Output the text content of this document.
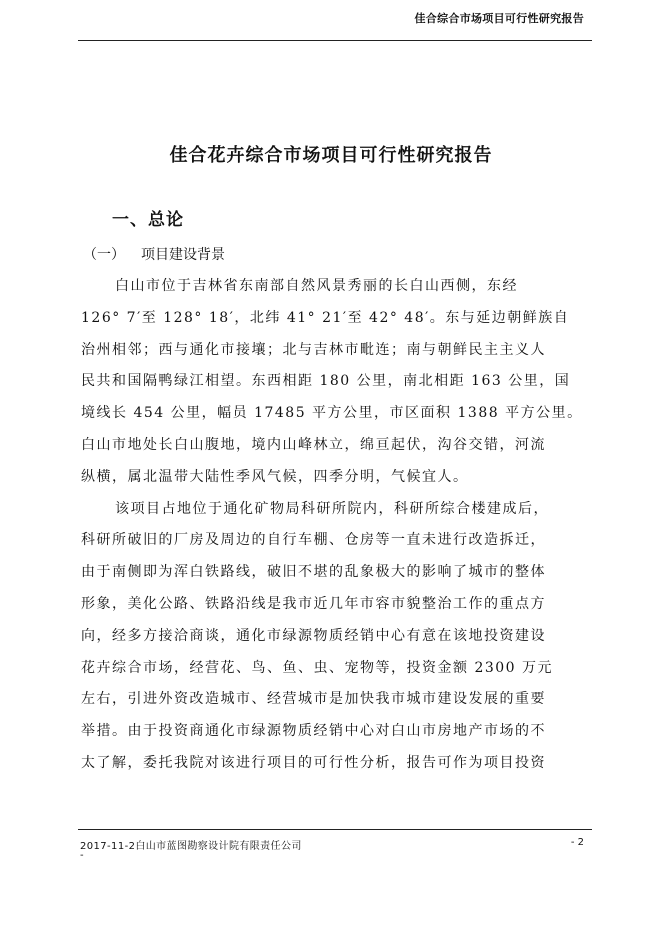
佳合综合市场项目可行性研究报告
佳合花卉综合市场项目可行性研究报告
一、总论
（一） 项目建设背景
白山市位于吉林省东南部自然风景秀丽的长白山西侧，东经
126° 7′至 128° 18′，北纬 41° 21′至 42° 48′。东与延边朝鲜族自
治州相邻；西与通化市接壤；北与吉林市毗连；南与朝鲜民主主义人
民共和国隔鸭绿江相望。东西相距 180 公里，南北相距 163 公里，国
境线长 454 公里，幅员 17485 平方公里，市区面积 1388 平方公里。
白山市地处长白山腹地，境内山峰林立，绵亘起伏，沟谷交错，河流
纵横，属北温带大陆性季风气候，四季分明，气候宜人。
该项目占地位于通化矿物局科研所院内，科研所综合楼建成后，
科研所破旧的厂房及周边的自行车棚、仓房等一直未进行改造拆迁，
由于南侧即为浑白铁路线，破旧不堪的乱象极大的影响了城市的整体
形象，美化公路、铁路沿线是我市近几年市容市貌整治工作的重点方
向，经多方接洽商谈，通化市绿源物质经销中心有意在该地投资建设
花卉综合市场，经营花、鸟、鱼、虫、宠物等，投资金额 2300 万元
左右，引进外资改造城市、经营城市是加快我市城市建设发展的重要
举措。由于投资商通化市绿源物质经销中心对白山市房地产市场的不
太了解，委托我院对该进行项目的可行性分析，报告可作为项目投资
2017-11-2白山市蓝图勘察设计院有限责任公司	- 2
-
